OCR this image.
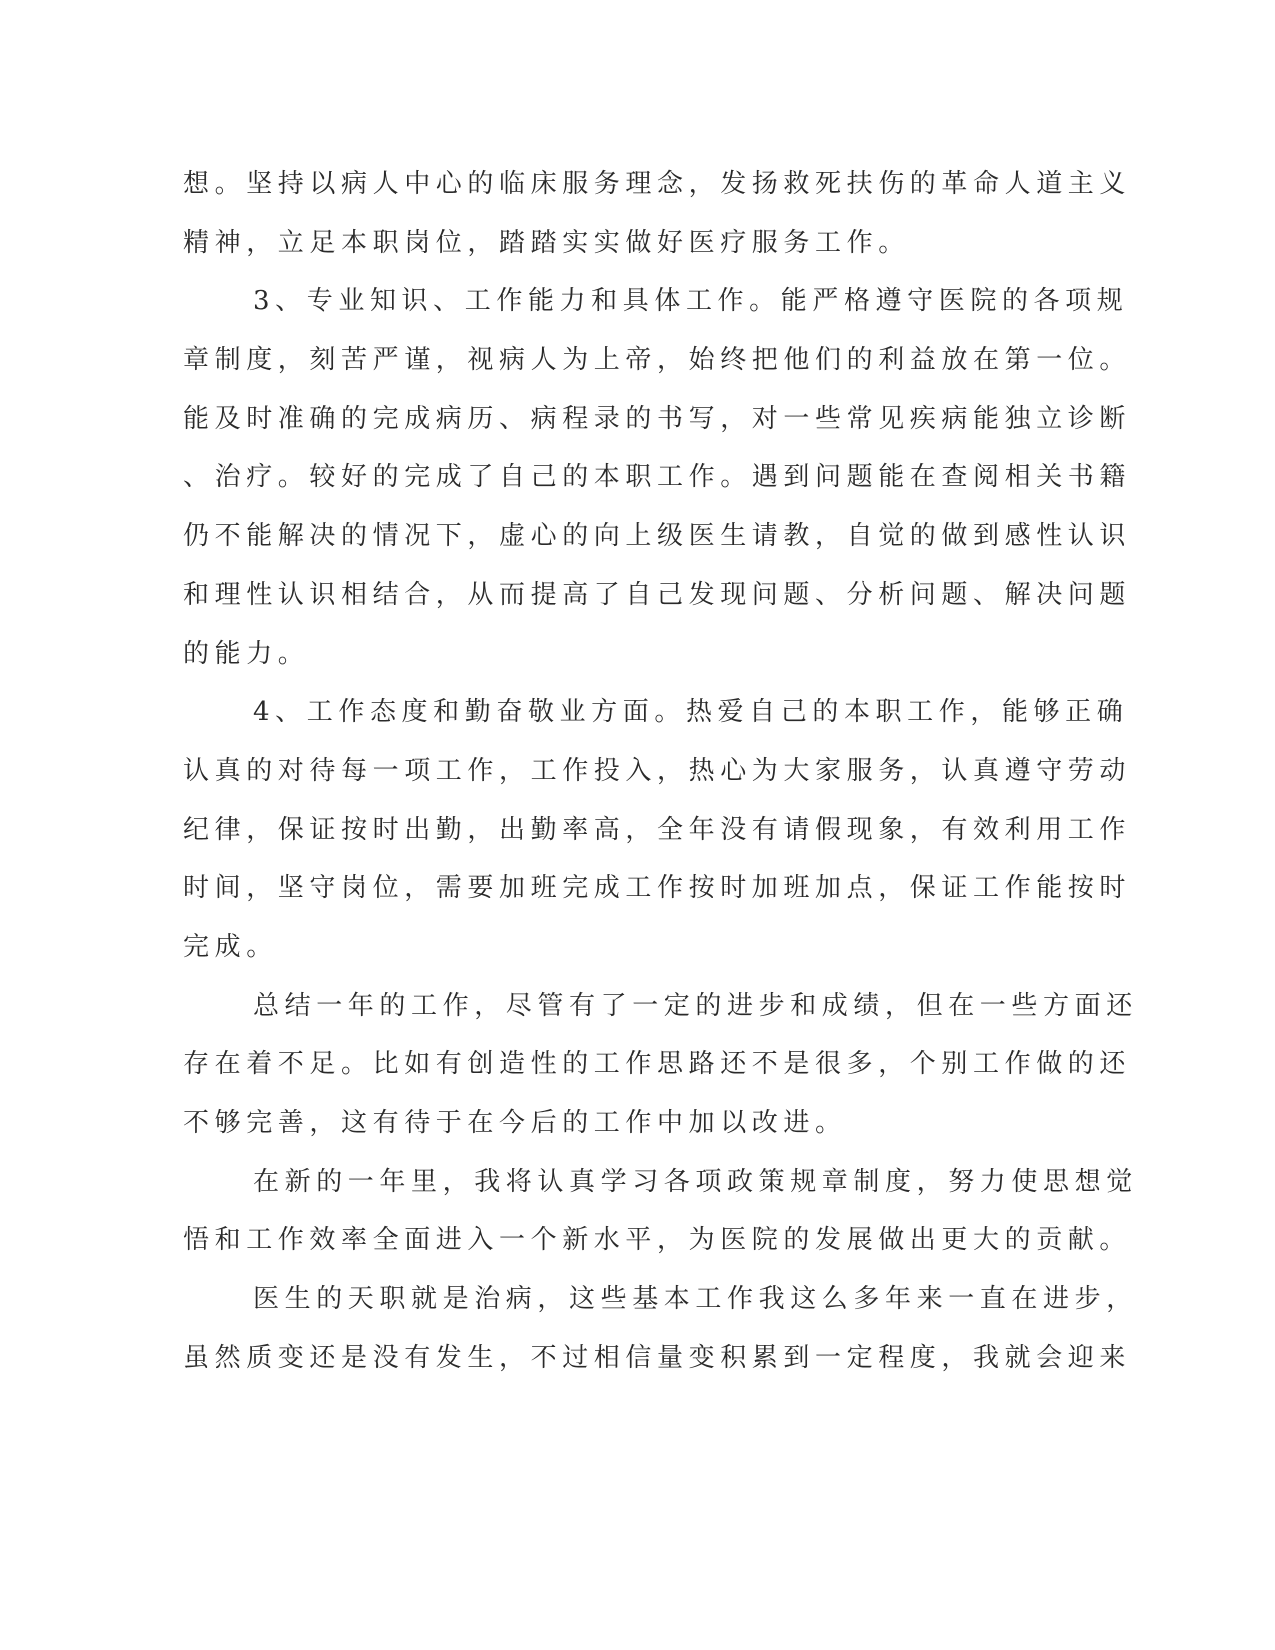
想。坚持以病人中心的临床服务理念，发扬救死扶伤的革命人道主义
精神，立足本职岗位，踏踏实实做好医疗服务工作。
3、专业知识、工作能力和具体工作。能严格遵守医院的各项规
章制度，刻苦严谨，视病人为上帝，始终把他们的利益放在第一位。
能及时准确的完成病历、病程录的书写，对一些常见疾病能独立诊断
、治疗。较好的完成了自己的本职工作。遇到问题能在查阅相关书籍
仍不能解决的情况下，虚心的向上级医生请教，自觉的做到感性认识
和理性认识相结合，从而提高了自己发现问题、分析问题、解决问题
的能力。
4、工作态度和勤奋敬业方面。热爱自己的本职工作，能够正确
认真的对待每一项工作，工作投入，热心为大家服务，认真遵守劳动
纪律，保证按时出勤，出勤率高，全年没有请假现象，有效利用工作
时间，坚守岗位，需要加班完成工作按时加班加点，保证工作能按时
完成。
总结一年的工作，尽管有了一定的进步和成绩，但在一些方面还
存在着不足。比如有创造性的工作思路还不是很多，个别工作做的还
不够完善，这有待于在今后的工作中加以改进。
在新的一年里，我将认真学习各项政策规章制度，努力使思想觉
悟和工作效率全面进入一个新水平，为医院的发展做出更大的贡献。
医生的天职就是治病，这些基本工作我这么多年来一直在进步，
虽然质变还是没有发生，不过相信量变积累到一定程度，我就会迎来
